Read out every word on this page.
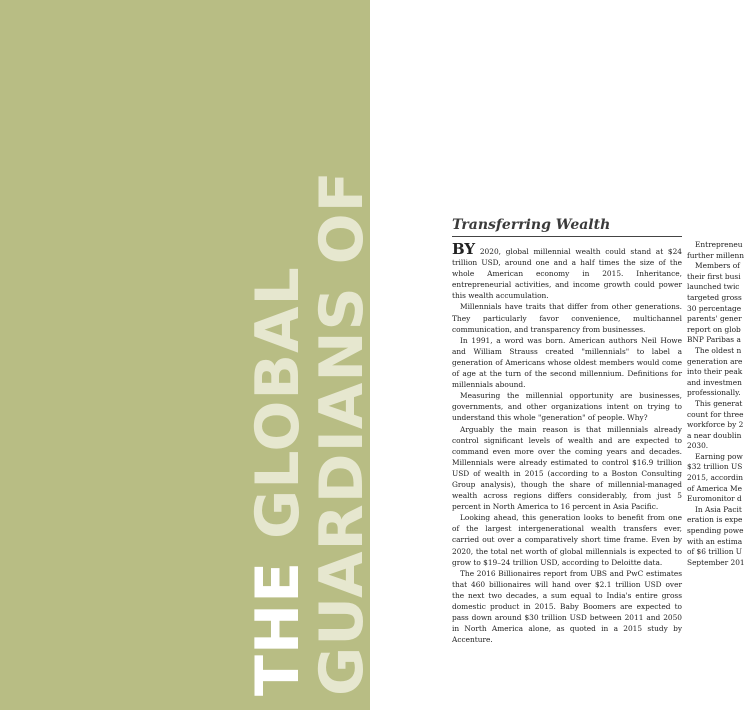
THE GLOBAL
GUARDIANS OF
CAPITAL
Transferring Wealth

BY 2020, global millennial wealth could stand at $24 trillion USD, around one and a half times the size of the whole American economy in 2015. Inheritance, entrepreneurial activities, and income growth could power this wealth accumulation.

Millennials have traits that differ from other generations. They particularly favor convenience, multichannel communication, and transparency from businesses.

In 1991, a word was born. American authors Neil Howe and William Strauss created "millennials" to label a generation of Americans whose oldest members would come of age at the turn of the second millennium. Definitions for millennials abound.

Measuring the millennial opportunity are businesses, governments, and other organizations intent on trying to understand this whole "generation" of people. Why?

Arguably the main reason is that millennials already control significant levels of wealth and are expected to command even more over the coming years and decades. Millennials were already estimated to control $16.9 trillion USD of wealth in 2015 (according to a Boston Consulting Group analysis), though the share of millennial-managed wealth across regions differs considerably, from just 5 percent in North America to 16 percent in Asia Pacific.

Looking ahead, this generation looks to benefit from one of the largest intergenerational wealth transfers ever, carried out over a comparatively short time frame. Even by 2020, the total net worth of global millennials is expected to grow to $19–24 trillion USD, according to Deloitte data.

The 2016 Billionaires report from UBS and PwC estimates that 460 billionaires will hand over $2.1 trillion USD over the next two decades, a sum equal to India's entire gross domestic product in 2015. Baby Boomers are expected to pass down around $30 trillion USD between 2011 and 2050 in North America alone, as quoted in a 2015 study by Accenture.

Entrepreneu
further millenn
Members of
their first busi
launched twic
targeted gross
30 percentage
parents' gener
report on glob
BNP Paribas a
The oldest n
generation are
into their peak
and investmen
professionally.
This generat
count for three
workforce by 2
a near doublin
2030.
Earning pow
$32 trillion US
2015, accordin
of America Me
Euromonitor d
In Asia Pacit
eration is expe
spending powe
with an estima
of $6 trillion U
September 201
